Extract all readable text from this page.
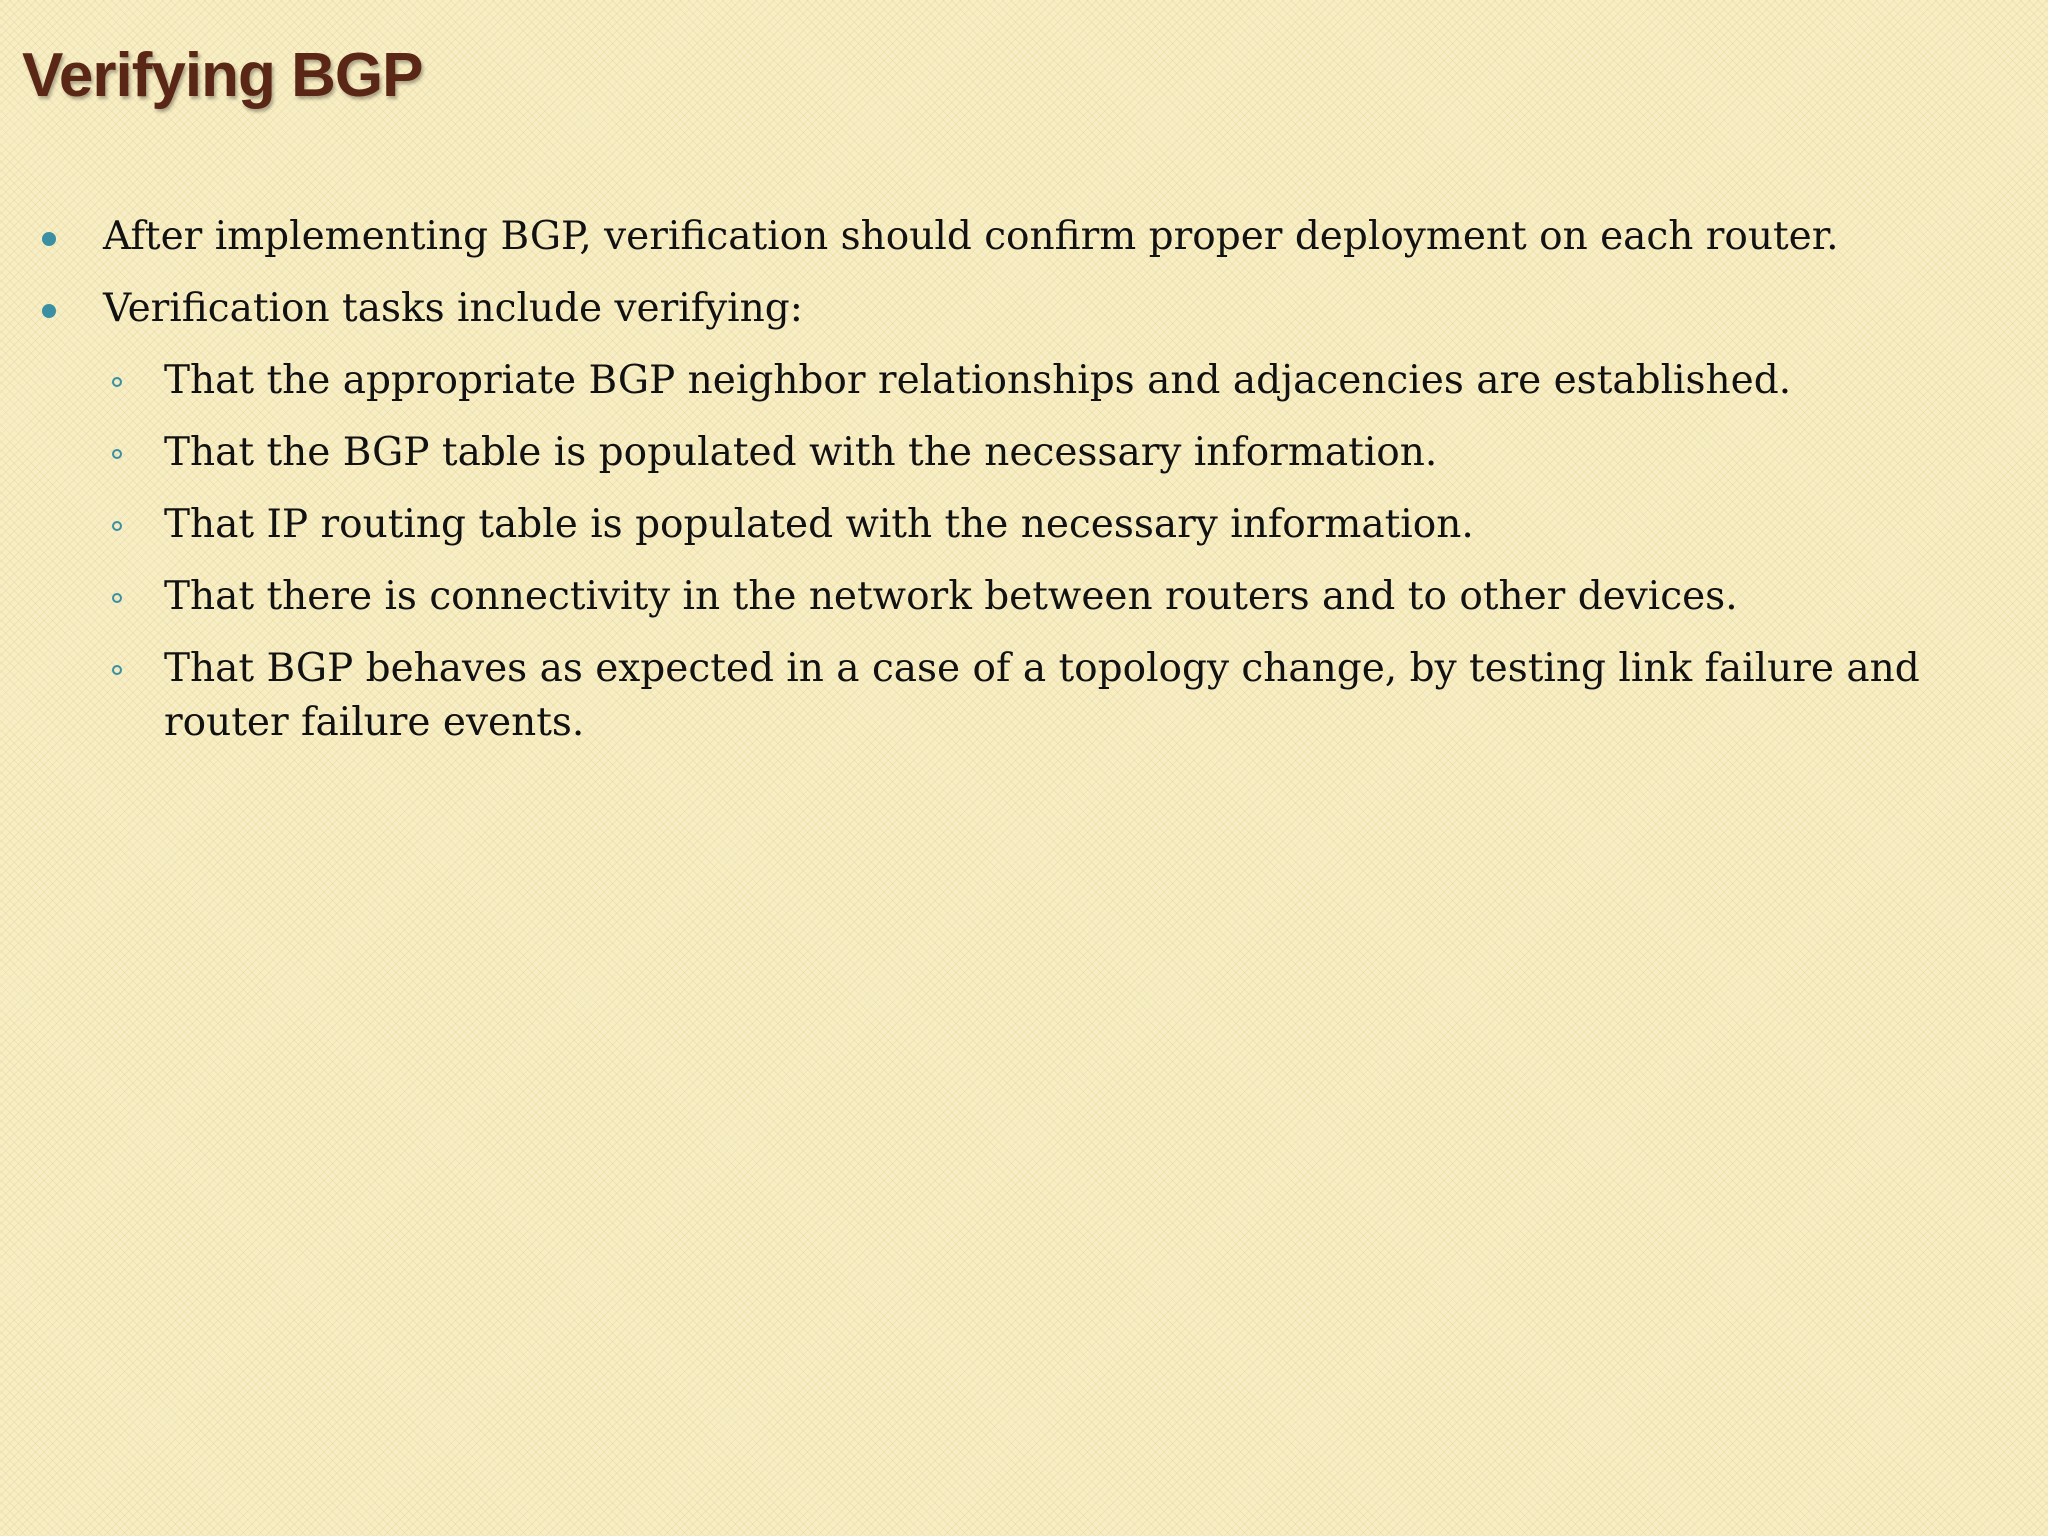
Verifying BGP
After implementing BGP, verification should confirm proper deployment on each router.
Verification tasks include verifying:
That the appropriate BGP neighbor relationships and adjacencies are established.
That the BGP table is populated with the necessary information.
That IP routing table is populated with the necessary information.
That there is connectivity in the network between routers and to other devices.
That BGP behaves as expected in a case of a topology change, by testing link failure and router failure events.
